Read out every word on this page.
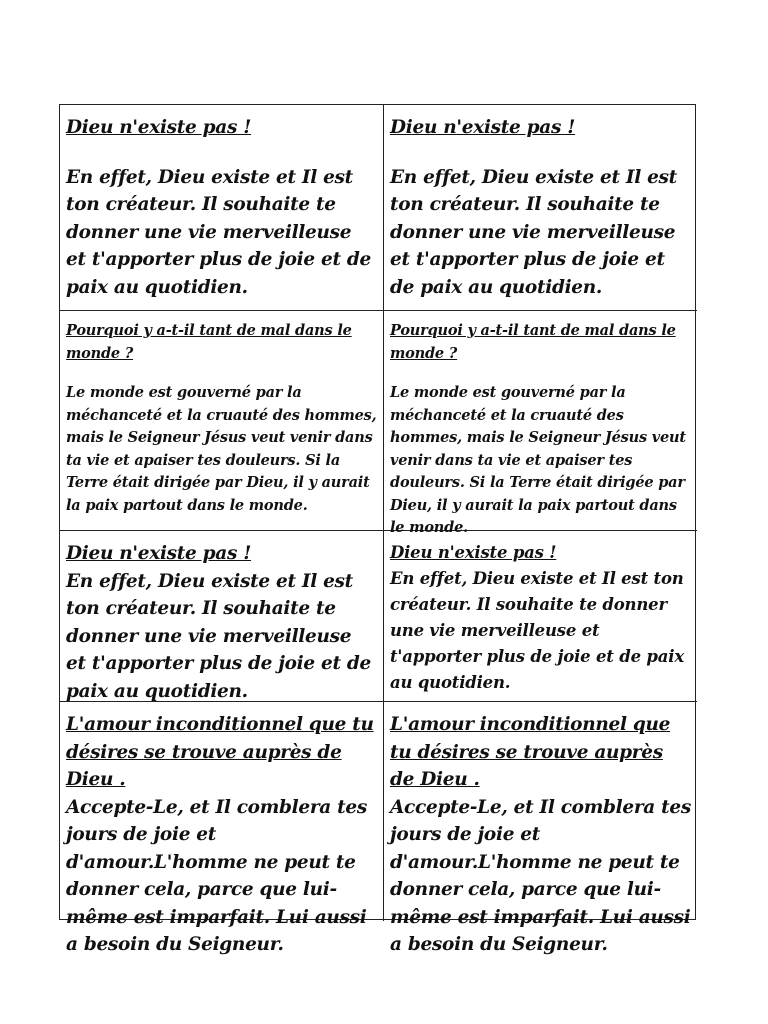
Dieu n'existe pas !
En effet, Dieu existe et Il est ton créateur. Il souhaite te donner une vie merveilleuse et t'apporter plus de joie et de paix au quotidien.
Dieu n'existe pas !
En effet, Dieu existe et Il est ton créateur. Il souhaite te donner une vie merveilleuse et t'apporter plus de joie et de paix au quotidien.
Pourquoi y a-t-il tant de mal dans le monde ?
Le monde est gouverné par la méchanceté et la cruauté des hommes, mais le Seigneur Jésus veut venir dans ta vie et apaiser tes douleurs. Si la Terre était dirigée par Dieu, il y aurait la paix partout dans le monde.
Pourquoi y a-t-il tant de mal dans le monde ?
Le monde est gouverné par la méchanceté et la cruauté des hommes, mais le Seigneur Jésus veut venir dans ta vie et apaiser tes douleurs. Si la Terre était dirigée par Dieu, il y aurait la paix partout dans le monde.
Dieu n'existe pas !
En effet, Dieu existe et Il est ton créateur. Il souhaite te donner une vie merveilleuse et t'apporter plus de joie et de paix au quotidien.
Dieu n'existe pas !
En effet, Dieu existe et Il est ton créateur. Il souhaite te donner une vie merveilleuse et t'apporter plus de joie et de paix au quotidien.
L'amour inconditionnel que tu désires se trouve auprès de Dieu .
Accepte-Le, et Il comblera tes jours de joie et d'amour.L'homme ne peut te donner cela, parce que lui-même est imparfait. Lui aussi a besoin du Seigneur.
L'amour inconditionnel que tu désires se trouve auprès de Dieu .
Accepte-Le, et Il comblera tes jours de joie et d'amour.L'homme ne peut te donner cela, parce que lui-même est imparfait. Lui aussi a besoin du Seigneur.
